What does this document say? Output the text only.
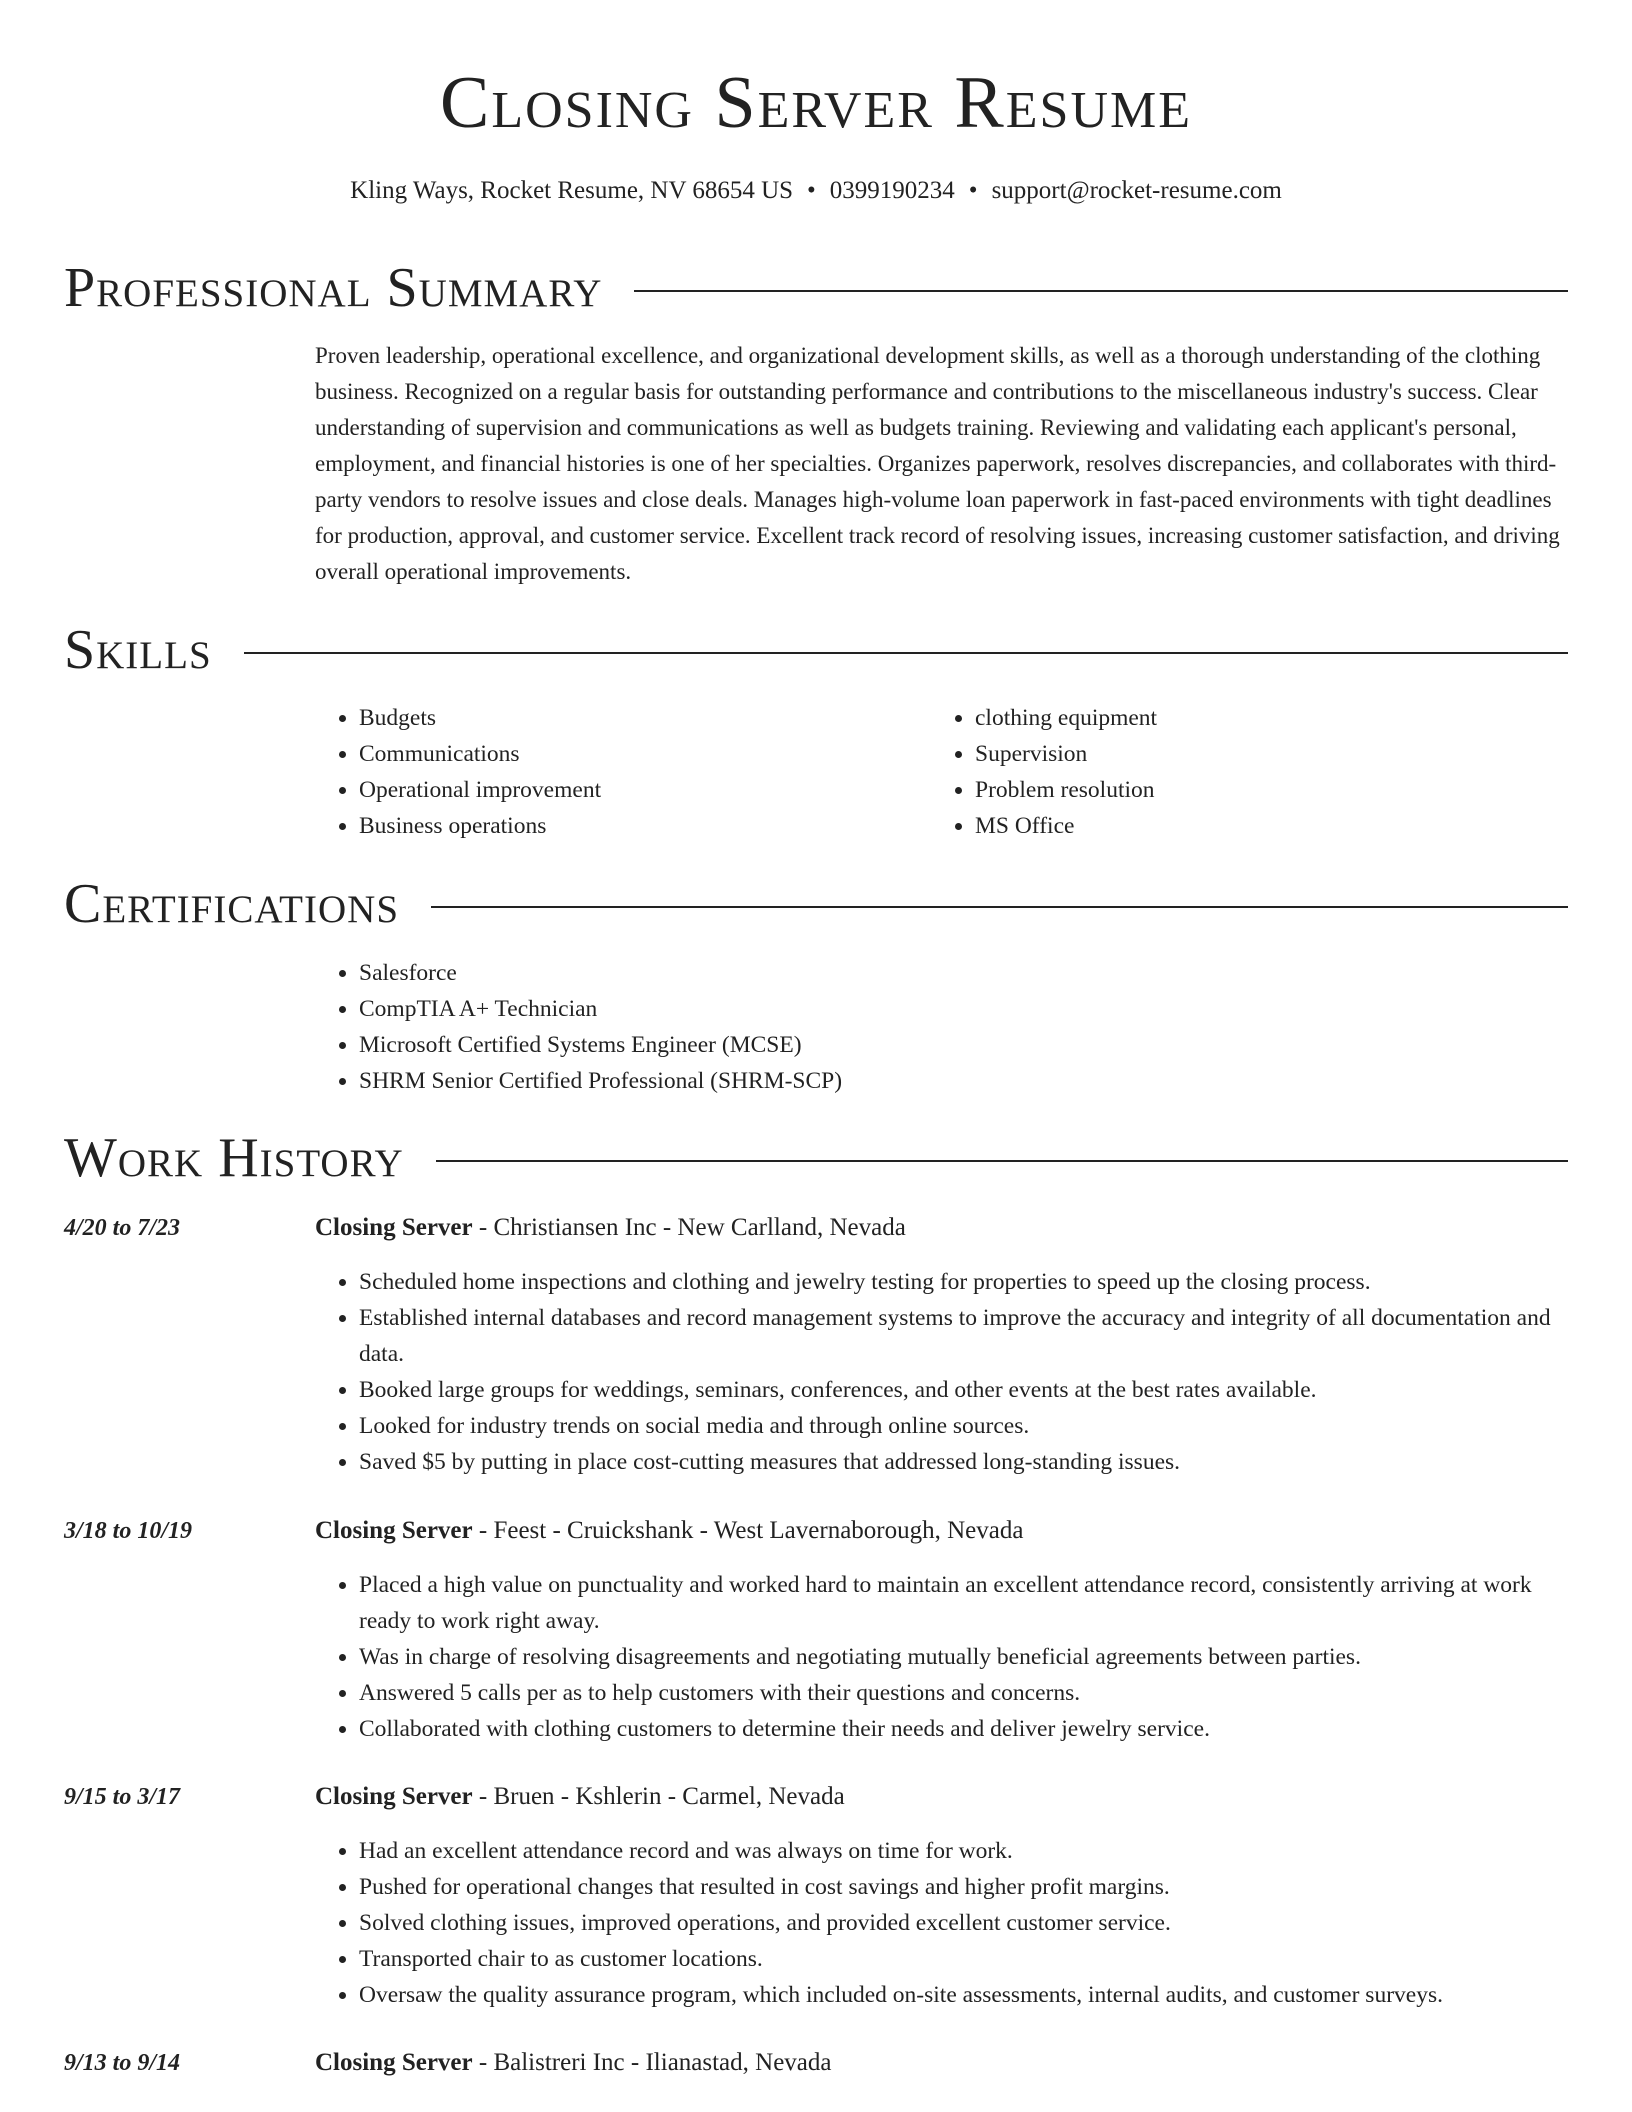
Closing Server Resume
Kling Ways, Rocket Resume, NV 68654 US • 0399190234 • support@rocket-resume.com
Professional Summary

Proven leadership, operational excellence, and organizational development skills, as well as a thorough understanding of the clothing business. Recognized on a regular basis for outstanding performance and contributions to the miscellaneous industry's success. Clear understanding of supervision and communications as well as budgets training. Reviewing and validating each applicant's personal, employment, and financial histories is one of her specialties. Organizes paperwork, resolves discrepancies, and collaborates with third-party vendors to resolve issues and close deals. Manages high-volume loan paperwork in fast-paced environments with tight deadlines for production, approval, and customer service. Excellent track record of resolving issues, increasing customer satisfaction, and driving overall operational improvements.

Skills
• Budgets
• Communications
• Operational improvement
• Business operations
• clothing equipment
• Supervision
• Problem resolution
• MS Office
Certifications
• Salesforce
• CompTIA A+ Technician
• Microsoft Certified Systems Engineer (MCSE)
• SHRM Senior Certified Professional (SHRM-SCP)
Work History
4/20 to 7/23	Closing Server - Christiansen Inc - New Carlland, Nevada
• Scheduled home inspections and clothing and jewelry testing for properties to speed up the closing process.
• Established internal databases and record management systems to improve the accuracy and integrity of all documentation and data.
• Booked large groups for weddings, seminars, conferences, and other events at the best rates available.
• Looked for industry trends on social media and through online sources.
• Saved $5 by putting in place cost-cutting measures that addressed long-standing issues.
3/18 to 10/19	Closing Server - Feest - Cruickshank - West Lavernaborough, Nevada
• Placed a high value on punctuality and worked hard to maintain an excellent attendance record, consistently arriving at work ready to work right away.
• Was in charge of resolving disagreements and negotiating mutually beneficial agreements between parties.
• Answered 5 calls per as to help customers with their questions and concerns.
• Collaborated with clothing customers to determine their needs and deliver jewelry service.
9/15 to 3/17	Closing Server - Bruen - Kshlerin - Carmel, Nevada
• Had an excellent attendance record and was always on time for work.
• Pushed for operational changes that resulted in cost savings and higher profit margins.
• Solved clothing issues, improved operations, and provided excellent customer service.
• Transported chair to as customer locations.
• Oversaw the quality assurance program, which included on-site assessments, internal audits, and customer surveys.
9/13 to 9/14	Closing Server - Balistreri Inc - Ilianastad, Nevada
